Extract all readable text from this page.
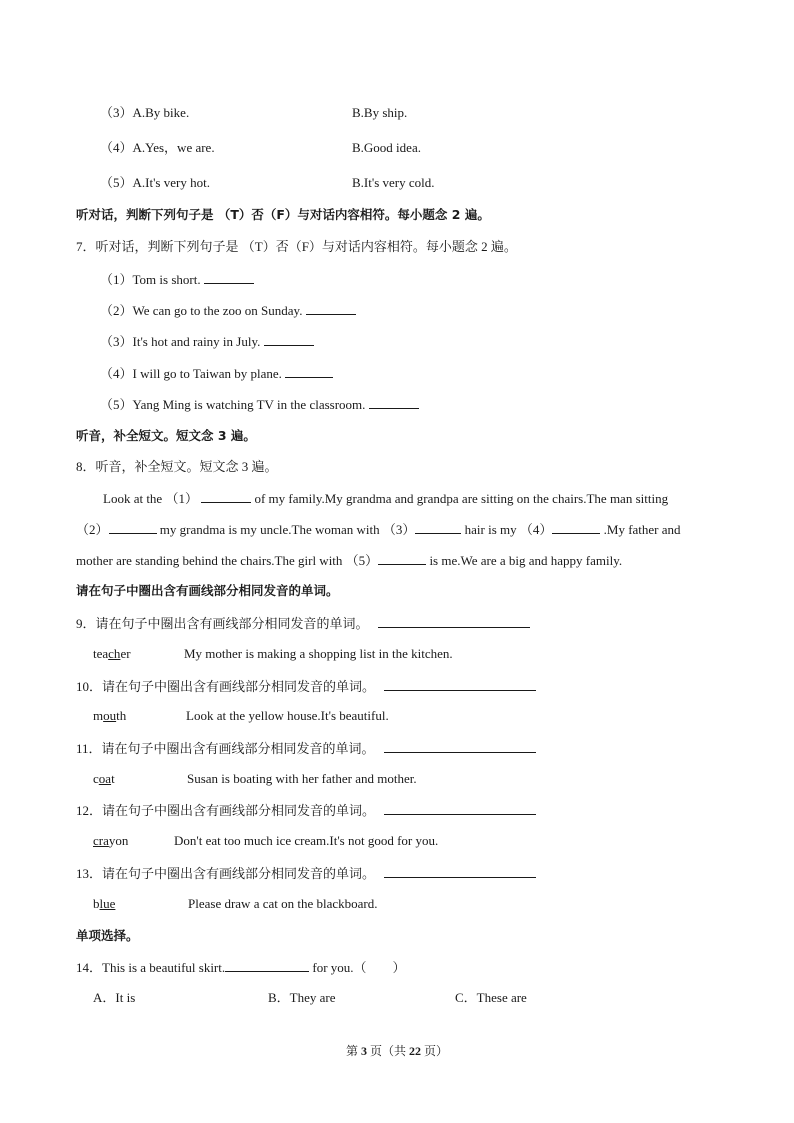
（3）A.By bike.	B.By ship.
（4）A.Yes，we are.	B.Good idea.
（5）A.It's very hot.	B.It's very cold.
听对话，判断下列句子是 （T）否（F）与对话内容相符。每小题念 2 遍。
7．听对话，判断下列句子是 （T）否（F）与对话内容相符。每小题念 2 遍。
（1）Tom is short.
（2）We can go to the zoo on Sunday.
（3）It's hot and rainy in July.
（4）I will go to Taiwan by plane.
（5）Yang Ming is watching TV in the classroom.
听音，补全短文。短文念 3 遍。
8．听音，补全短文。短文念 3 遍。
Look at the （1）	of my family.My grandma and grandpa are sitting on the chairs.The man sitting
（2）	my grandma is my uncle.The woman with （3）	hair is my （4）	.My father and
mother are standing behind the chairs.The girl with （5）	is me.We are a big and happy family.
请在句子中圈出含有画线部分相同发音的单词。
9．请在句子中圈出含有画线部分相同发音的单词。
teacher	My mother is making a shopping list in the kitchen.
10．请在句子中圈出含有画线部分相同发音的单词。
mouth	Look at the yellow house.It's beautiful.
11．请在句子中圈出含有画线部分相同发音的单词。
coat	Susan is boating with her father and mother.
12．请在句子中圈出含有画线部分相同发音的单词。
crayon	Don't eat too much ice cream.It's not good for you.
13．请在句子中圈出含有画线部分相同发音的单词。
blue	Please draw a cat on the blackboard.
单项选择。
14．This is a beautiful skirt.	for you.（　　）
A．It is	B．They are	C．These are
第 3 页（共 22 页）
